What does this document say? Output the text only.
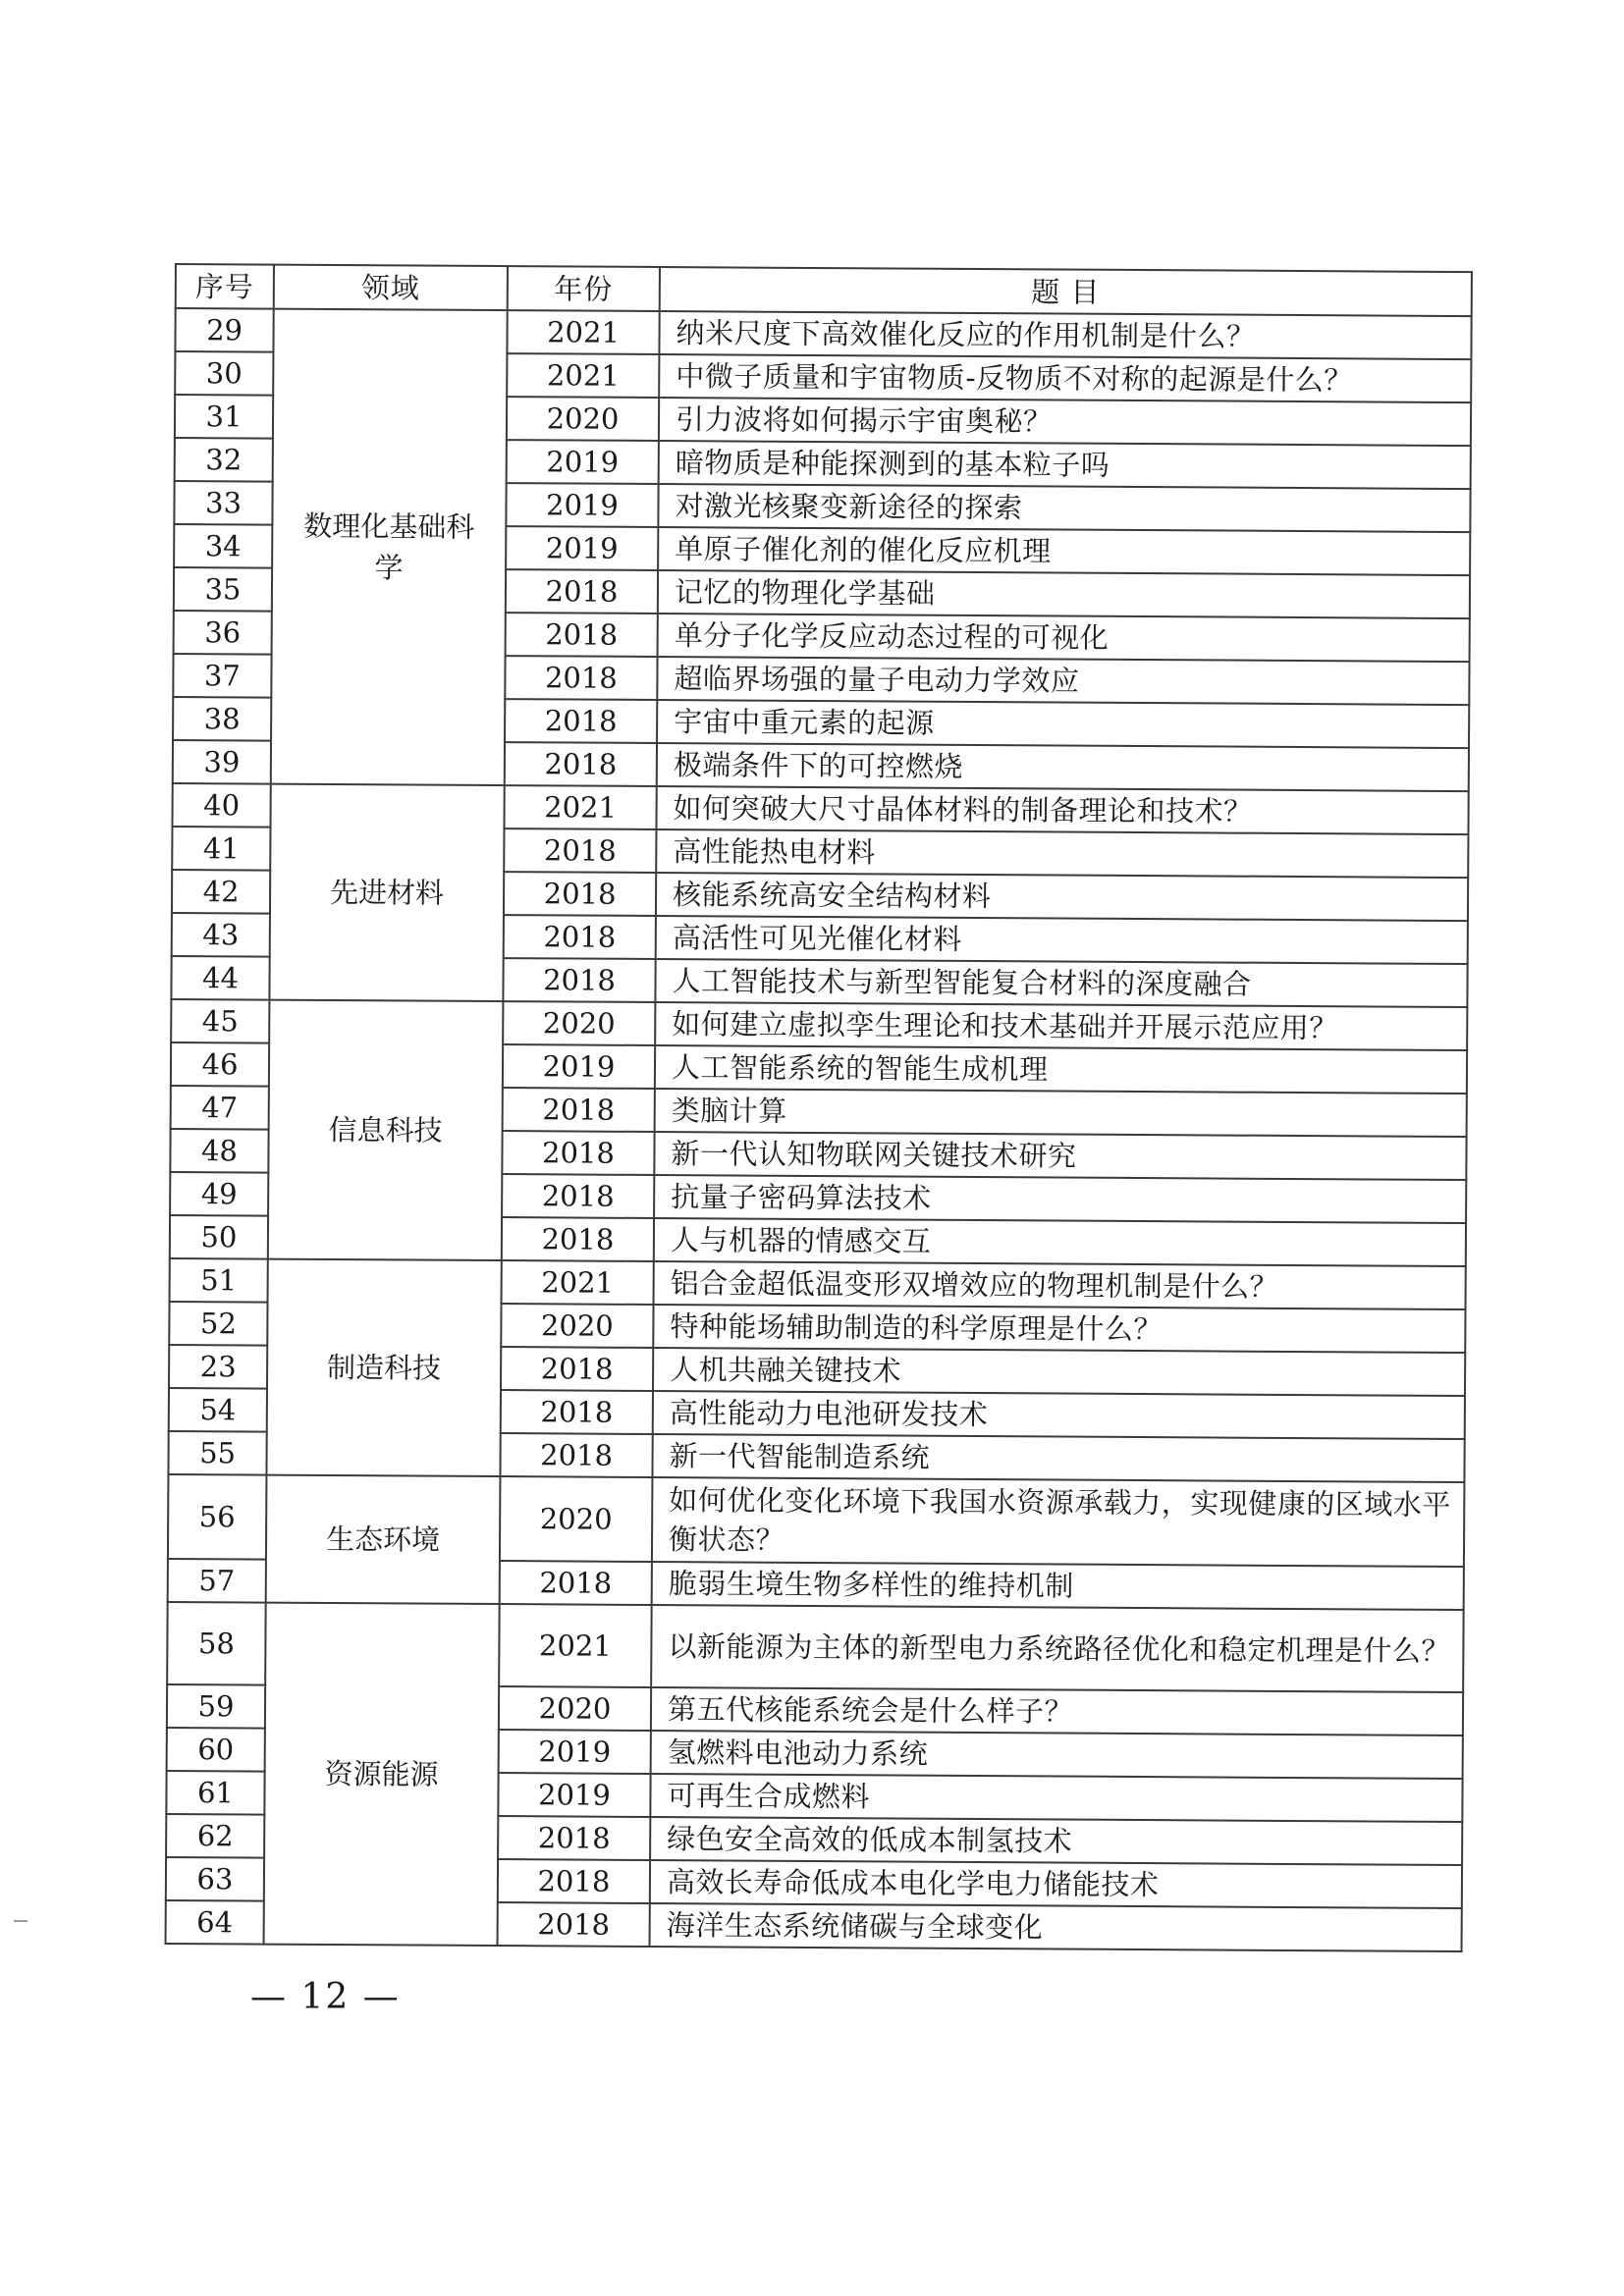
序号	领域	年份	题 目
29	数理化基础科学	2021	纳米尺度下高效催化反应的作用机制是什么？
30		2021	中微子质量和宇宙物质-反物质不对称的起源是什么？
31		2020	引力波将如何揭示宇宙奥秘？
32		2019	暗物质是种能探测到的基本粒子吗
33		2019	对激光核聚变新途径的探索
34		2019	单原子催化剂的催化反应机理
35		2018	记忆的物理化学基础
36		2018	单分子化学反应动态过程的可视化
37		2018	超临界场强的量子电动力学效应
38		2018	宇宙中重元素的起源
39		2018	极端条件下的可控燃烧
40	先进材料	2021	如何突破大尺寸晶体材料的制备理论和技术？
41		2018	高性能热电材料
42		2018	核能系统高安全结构材料
43		2018	高活性可见光催化材料
44		2018	人工智能技术与新型智能复合材料的深度融合
45	信息科技	2020	如何建立虚拟孪生理论和技术基础并开展示范应用？
46		2019	人工智能系统的智能生成机理
47		2018	类脑计算
48		2018	新一代认知物联网关键技术研究
49		2018	抗量子密码算法技术
50		2018	人与机器的情感交互
51	制造科技	2021	铝合金超低温变形双增效应的物理机制是什么？
52		2020	特种能场辅助制造的科学原理是什么？
23		2018	人机共融关键技术
54		2018	高性能动力电池研发技术
55		2018	新一代智能制造系统
56	生态环境	2020	如何优化变化环境下我国水资源承载力，实现健康的区域水平衡状态？
57		2018	脆弱生境生物多样性的维持机制
58	资源能源	2021	以新能源为主体的新型电力系统路径优化和稳定机理是什么？
59		2020	第五代核能系统会是什么样子？
60		2019	氢燃料电池动力系统
61		2019	可再生合成燃料
62		2018	绿色安全高效的低成本制氢技术
63		2018	高效长寿命低成本电化学电力储能技术
64		2018	海洋生态系统储碳与全球变化
— 12 —
